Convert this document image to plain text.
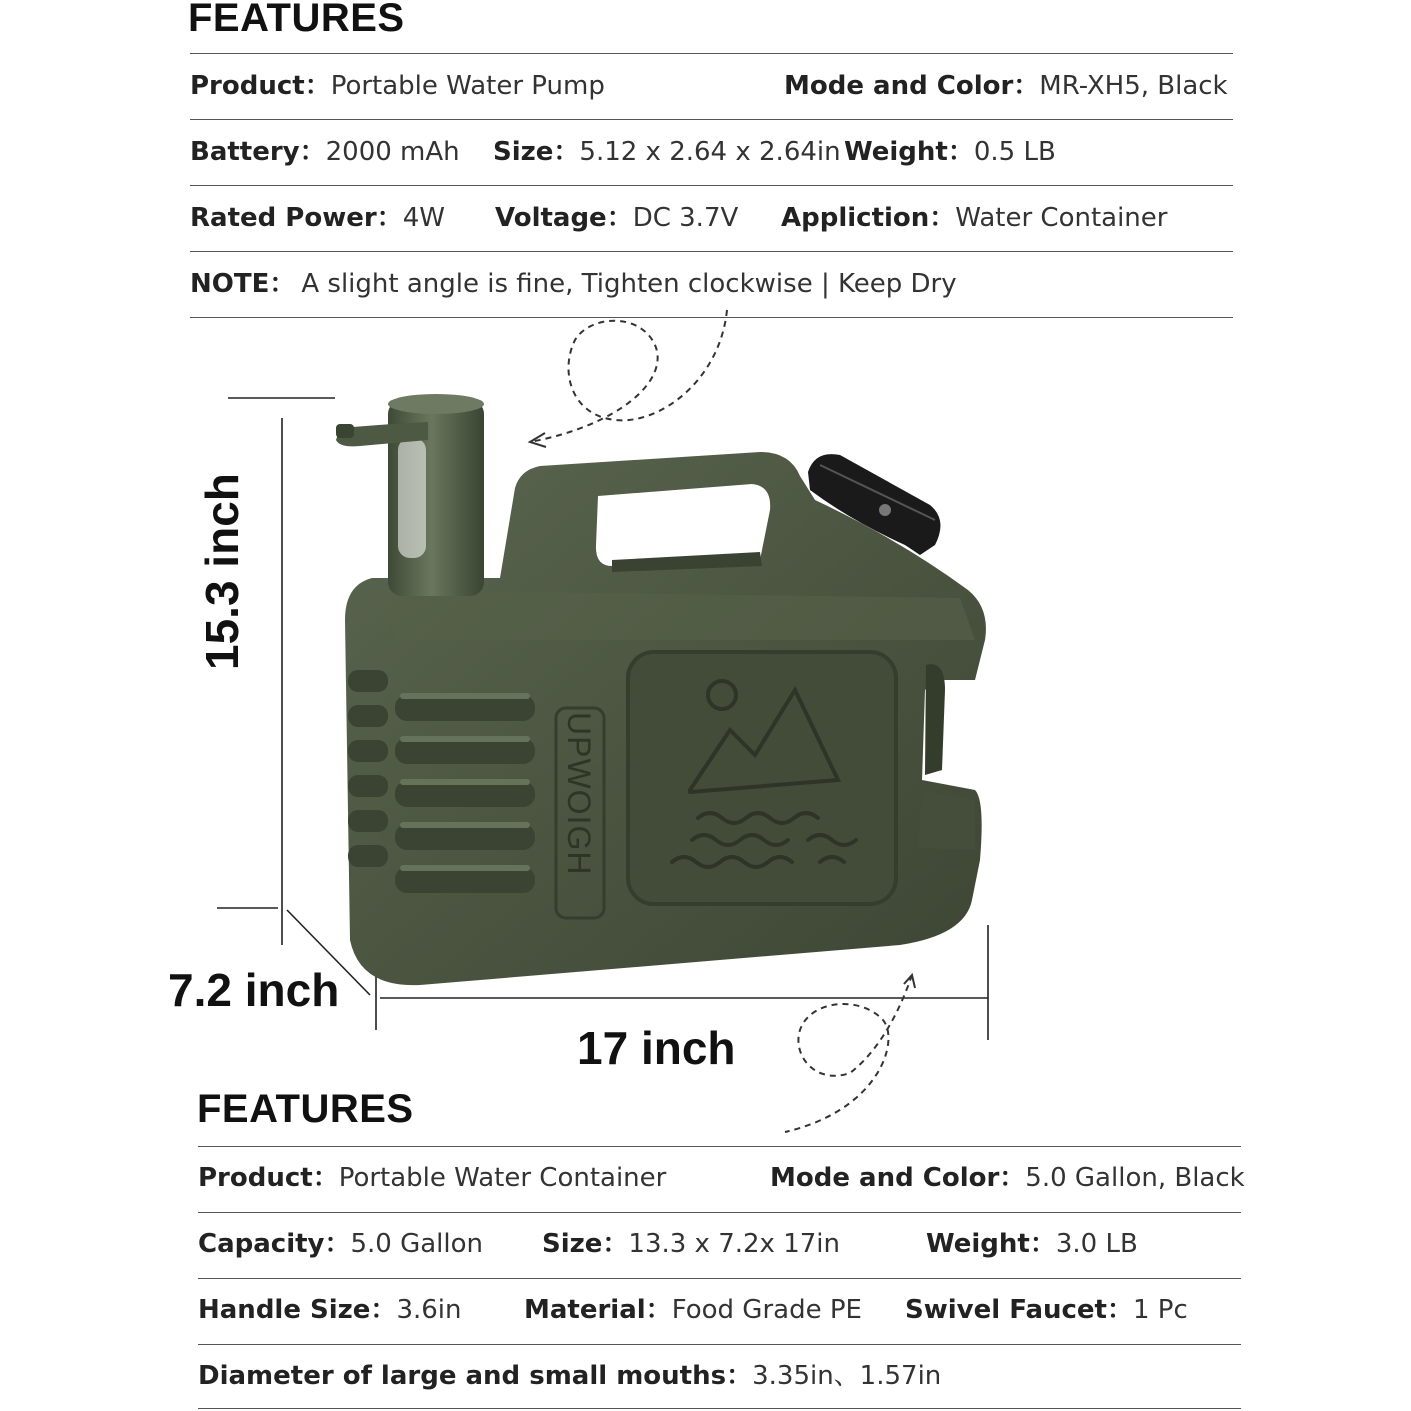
FEATURES
Product：Portable Water Pump	Mode and Color：MR-XH5, Black
Battery：2000 mAh Size：5.12 x 2.64 x 2.64in Weight：0.5 LB
Rated Power：4W Voltage：DC 3.7V Appliction：Water Container
NOTE： A slight angle is fine, Tighten clockwise | Keep Dry
UPWOIGH
15.3 inch
7.2 inch
17 inch
FEATURES
Product：Portable Water Container	Mode and Color：5.0 Gallon, Black
Capacity：5.0 Gallon Size：13.3 x 7.2x 17in	Weight：3.0 LB
Handle Size：3.6in Material：Food Grade PE Swivel Faucet：1 Pc
Diameter of large and small mouths：3.35in、1.57in
